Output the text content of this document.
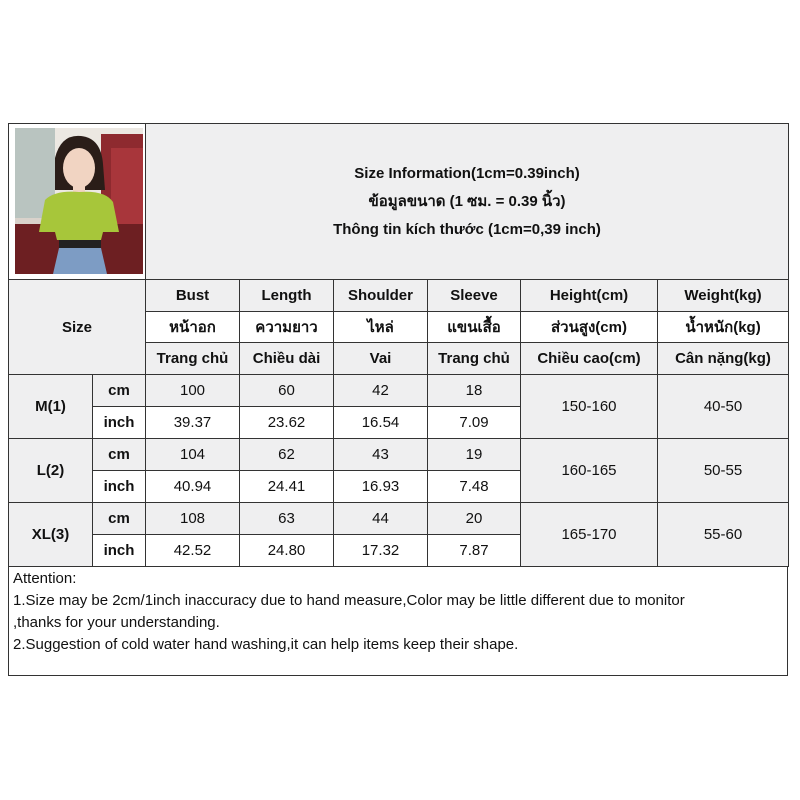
Size Information(1cm=0.39inch)
ข้อมูลขนาด (1 ซม. = 0.39 นิ้ว)
Thông tin kích thước (1cm=0,39 inch)					

Size		Bust	Length	Shoulder	Sleeve	Height(cm)	Weight(kg)
		หน้าอก	ความยาว	ไหล่	แขนเสื้อ	ส่วนสูง(cm)	น้ำหนัก(kg)
		Trang chủ	Chiều dài	Vai	Trang chủ	Chiều cao(cm)	Cân nặng(kg)
M(1)	cm	100	60	42	18	150-160	40-50
	inch	39.37	23.62	16.54	7.09		
L(2)	cm	104	62	43	19	160-165	50-55
	inch	40.94	24.41	16.93	7.48		
XL(3)	cm	108	63	44	20	165-170	55-60
	inch	42.52	24.80	17.32	7.87		
Attention:
1.Size may be 2cm/1inch inaccuracy due to hand measure,Color may be little different due to monitor
,thanks for your understanding.
2.Suggestion of cold water hand washing,it can help items keep their shape.
